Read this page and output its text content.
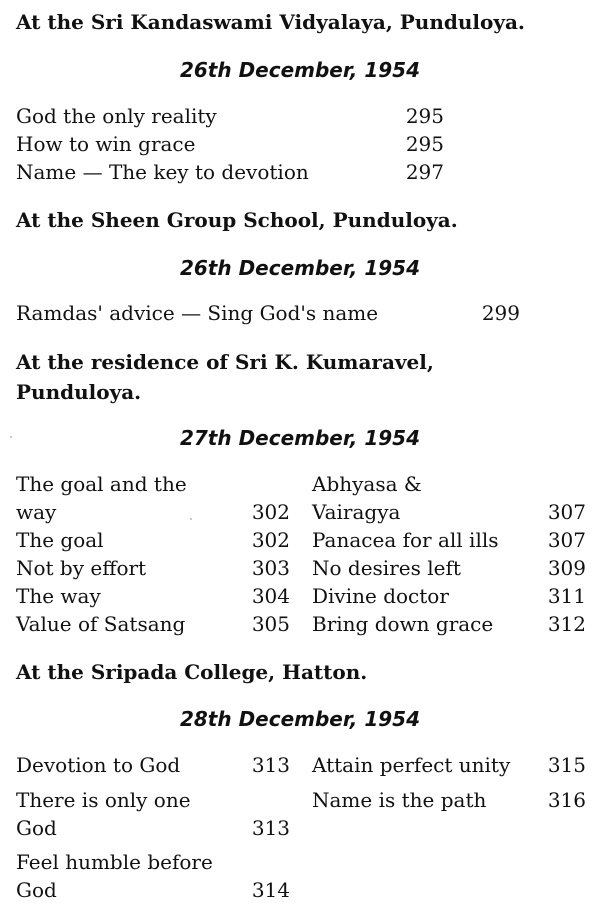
At the Sri Kandaswami Vidyalaya, Punduloya.
26th December, 1954
God the only reality	295
How to win grace	295
Name — The key to devotion	297
At the Sheen Group School, Punduloya.
26th December, 1954
Ramdas' advice — Sing God's name	299
At the residence of Sri K. Kumaravel,
Punduloya.
27th December, 1954
The goal and the
way	302
The goal	302
Not by effort	303
The way	304
Value of Satsang	305
Abhyasa &
Vairagya	307
Panacea for all ills 307
No desires left	309
Divine doctor	311
Bring down grace	312
At the Sripada College, Hatton.
28th December, 1954
Devotion to God	313
There is only one
God	313
Feel humble before
God	314
Attain perfect unity 315
Name is the path	316
